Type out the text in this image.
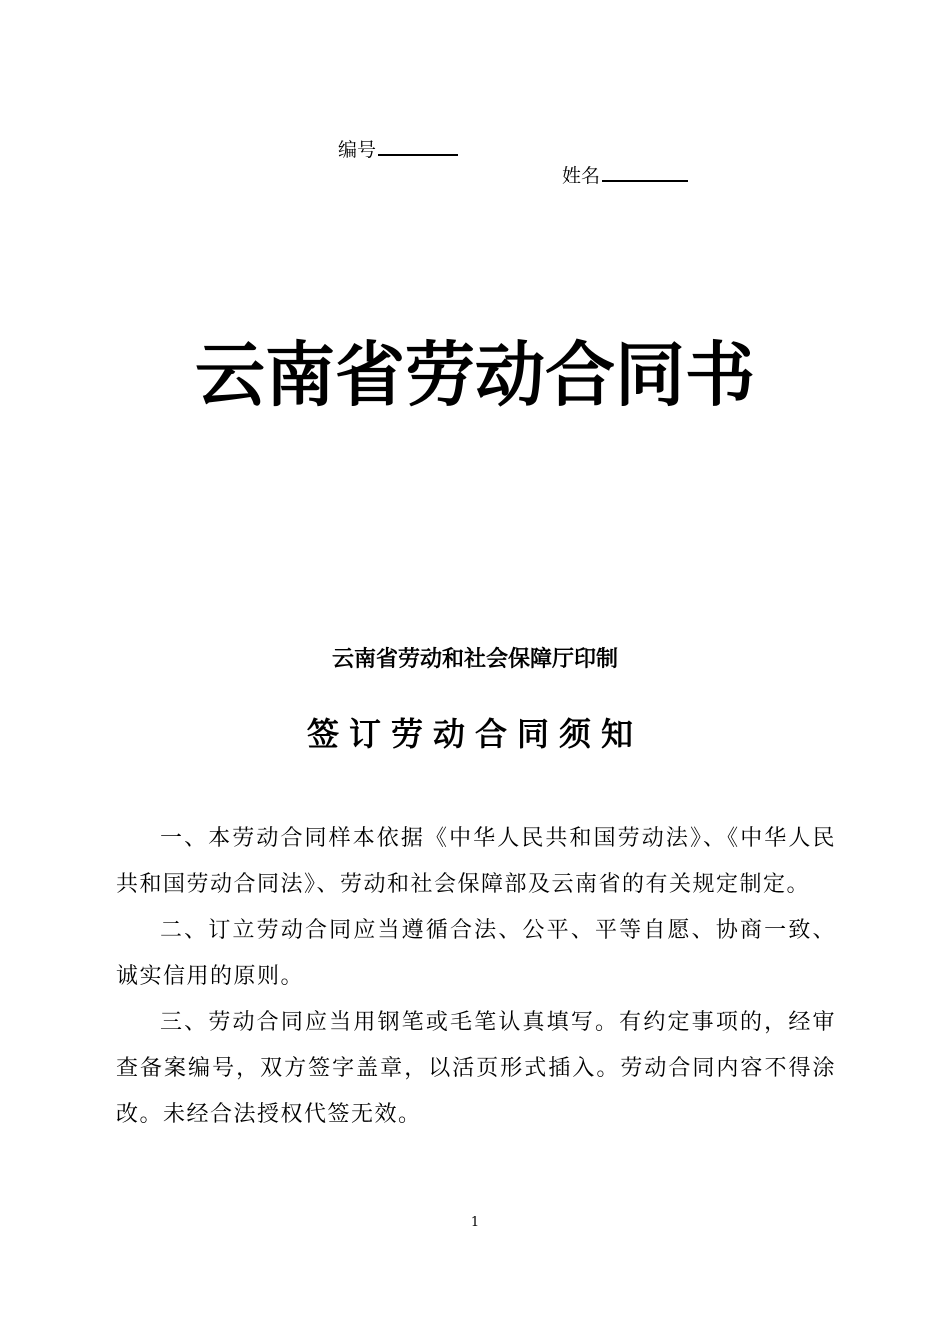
编号
姓名
云南省劳动合同书
云南省劳动和社会保障厅印制
签订劳动合同须知

一、本劳动合同样本依据《中华人民共和国劳动法》、《中华人民共和国劳动合同法》、劳动和社会保障部及云南省的有关规定制定。

二、订立劳动合同应当遵循合法、公平、平等自愿、协商一致、诚实信用的原则。

三、劳动合同应当用钢笔或毛笔认真填写。有约定事项的，经审查备案编号，双方签字盖章，以活页形式插入。劳动合同内容不得涂改。未经合法授权代签无效。

1
